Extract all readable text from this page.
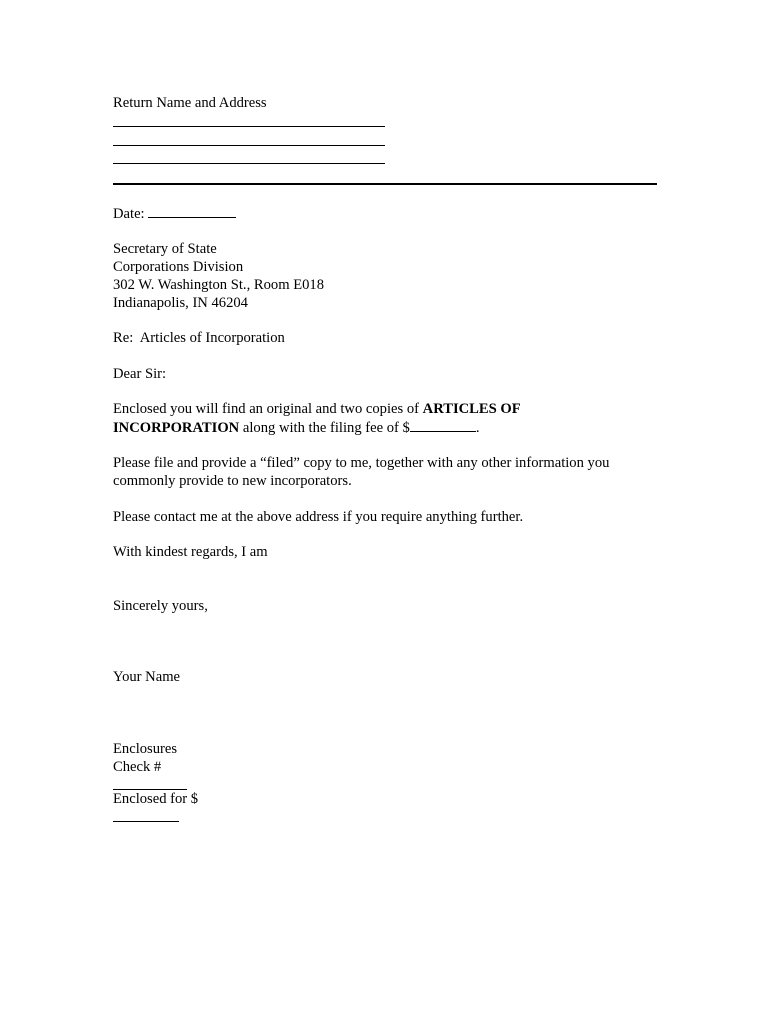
Return Name and Address

Date:

Secretary of State
Corporations Division
302 W. Washington St., Room E018
Indianapolis, IN 46204

Re:  Articles of Incorporation

Dear Sir:

Enclosed you will find an original and two copies of ARTICLES OF
INCORPORATION along with the filing fee of $	.

Please file and provide a “filed” copy to me, together with any other information you
commonly provide to new incorporators.

Please contact me at the above address if you require anything further.

With kindest regards, I am

Sincerely yours,

Your Name

Enclosures
Check #
Enclosed for $
